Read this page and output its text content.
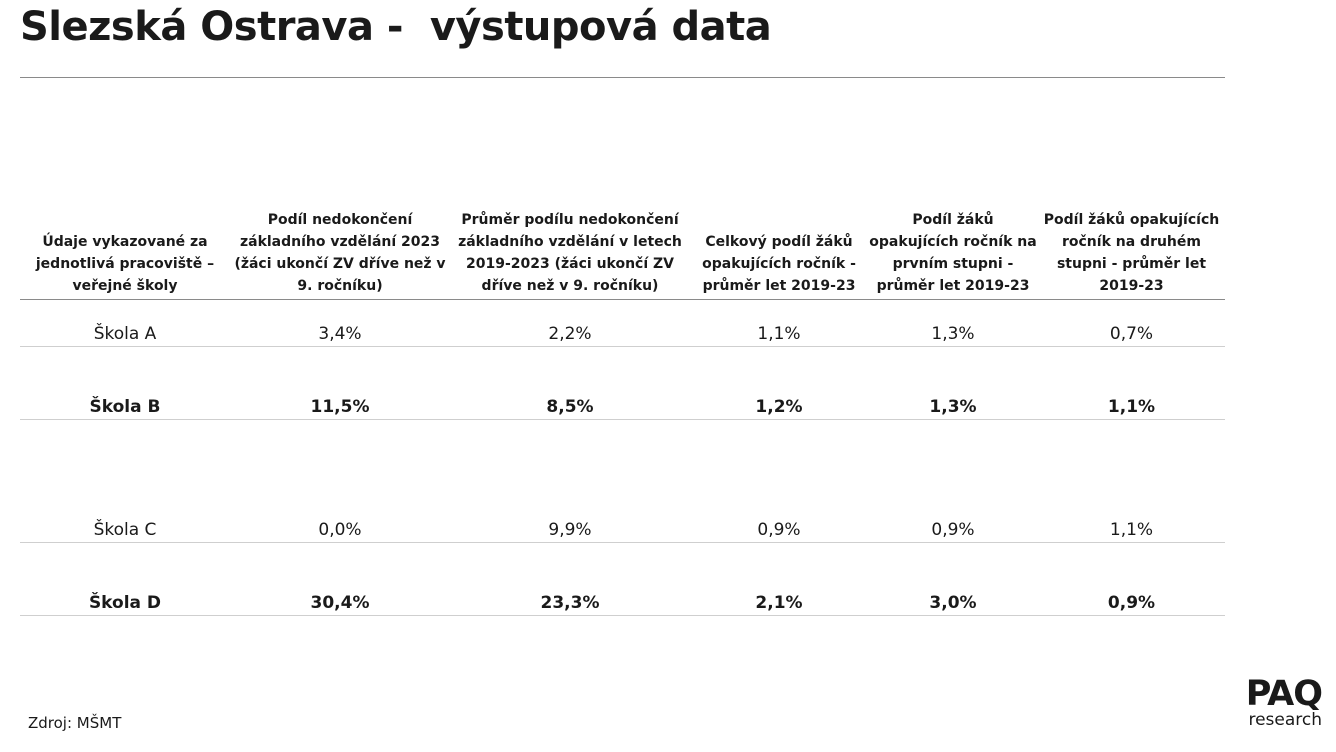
Slezská Ostrava -  výstupová data
Údaje vykazované za jednotlivá pracoviště – veřejné školy	Podíl nedokončení základního vzdělání 2023 (žáci ukončí ZV dříve než v 9. ročníku)	Průměr podílu nedokončení základního vzdělání v letech 2019-2023 (žáci ukončí ZV dříve než v 9. ročníku)	Celkový podíl žáků opakujících ročník - průměr let 2019-23	Podíl žáků opakujících ročník na prvním stupni - průměr let 2019-23	Podíl žáků opakujících ročník na druhém stupni - průměr let 2019-23
Škola A	3,4%	2,2%	1,1%	1,3%	0,7%
Škola B	11,5%	8,5%	1,2%	1,3%	1,1%
Škola C	0,0%	9,9%	0,9%	0,9%	1,1%
Škola D	30,4%	23,3%	2,1%	3,0%	0,9%
Zdroj: MŠMT
PAQ
research
